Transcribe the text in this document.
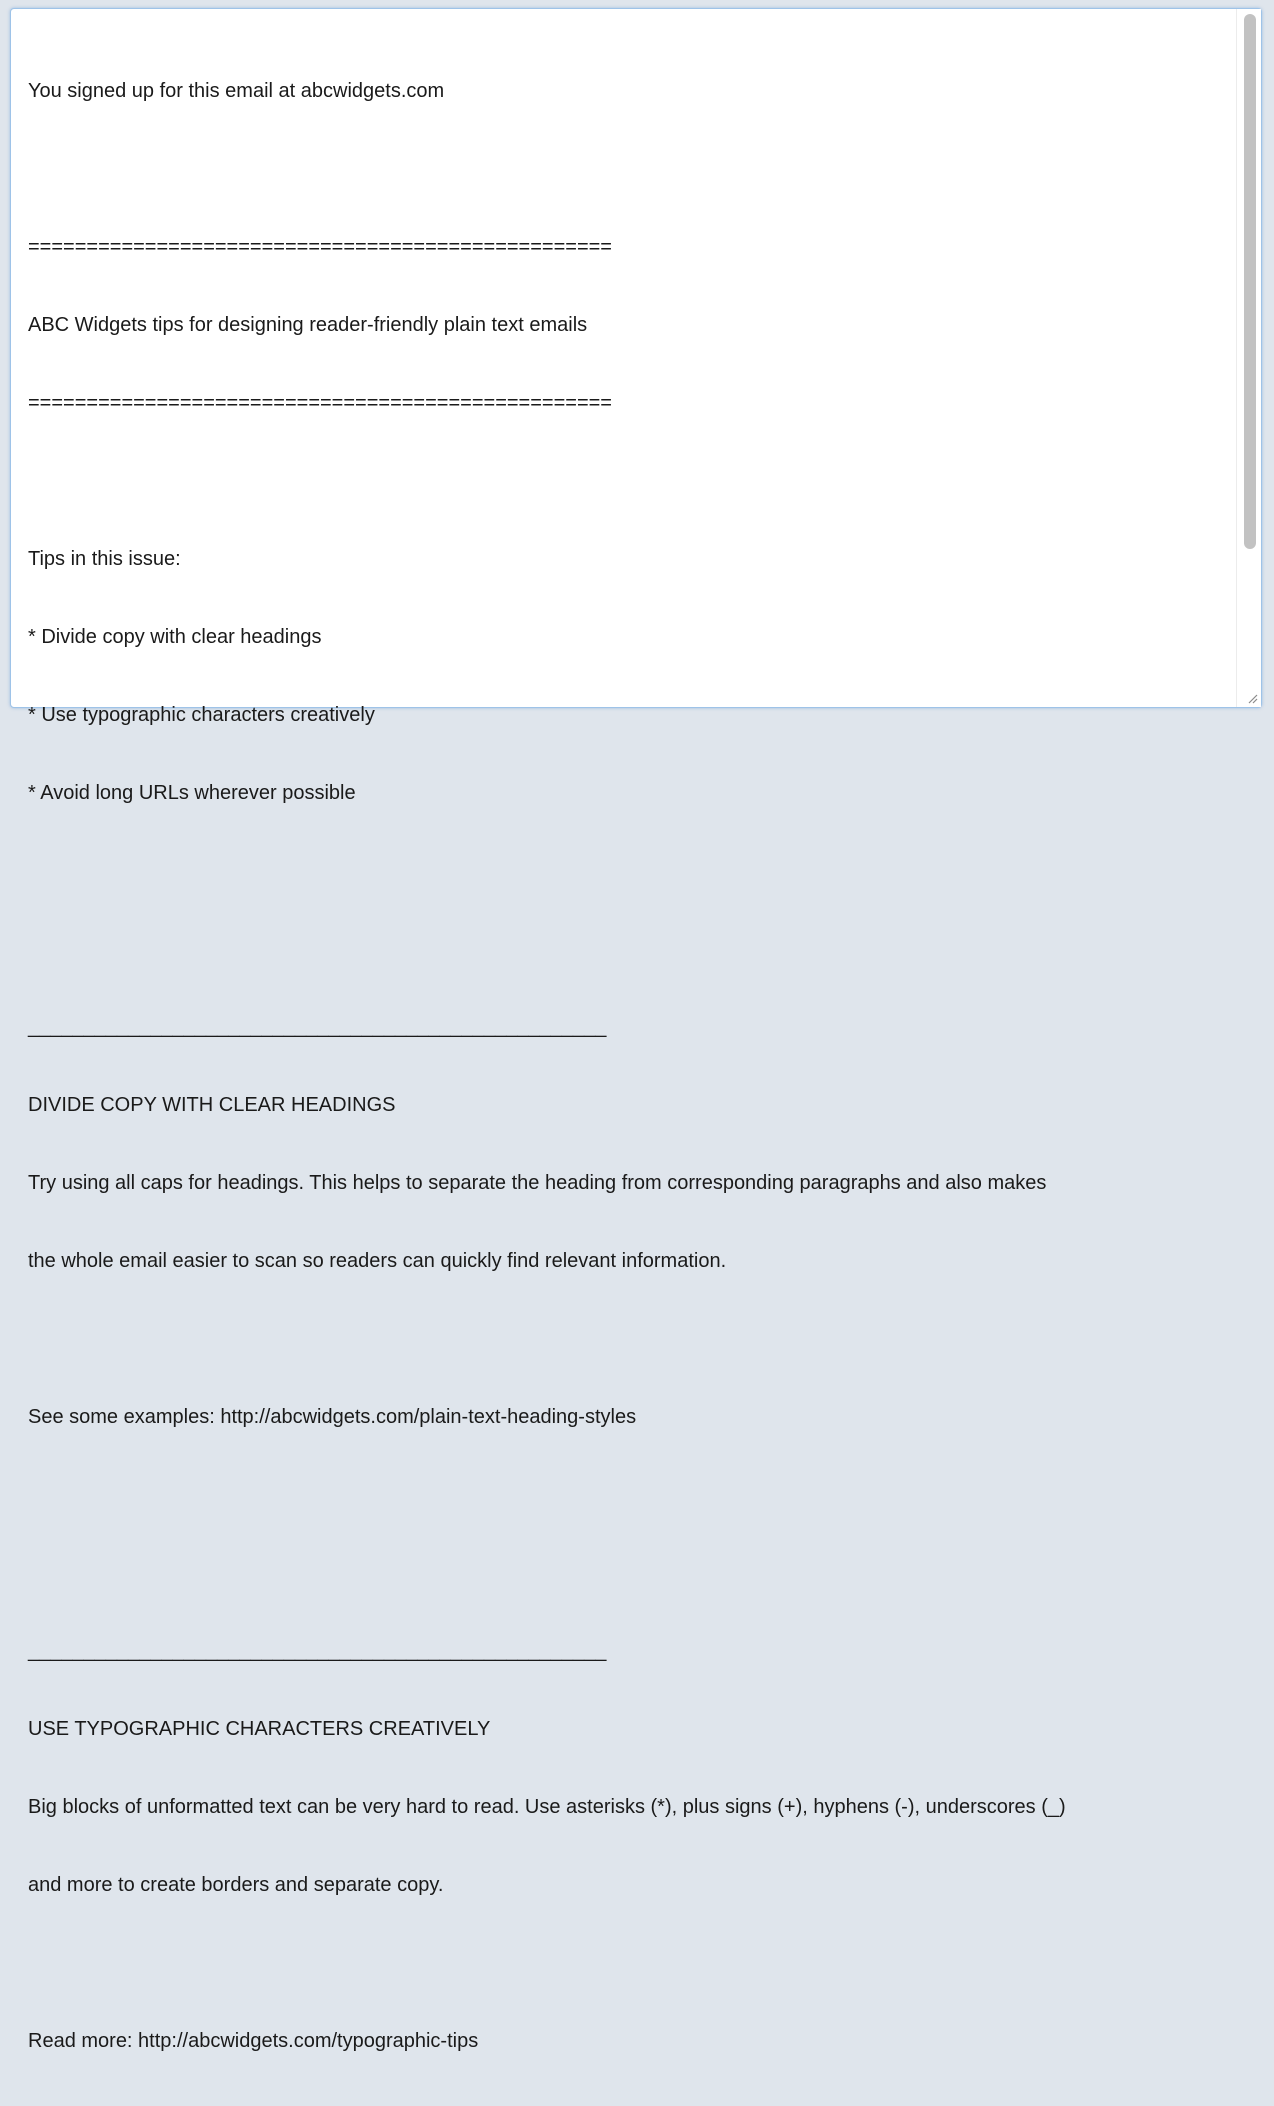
You signed up for this email at abcwidgets.com

==================================================

ABC Widgets tips for designing reader-friendly plain text emails

==================================================

Tips in this issue:

* Divide copy with clear headings

* Use typographic characters creatively

* Avoid long URLs wherever possible

____________________________________________________

DIVIDE COPY WITH CLEAR HEADINGS

Try using all caps for headings. This helps to separate the heading from corresponding paragraphs and also makes

the whole email easier to scan so readers can quickly find relevant information.

See some examples: http://abcwidgets.com/plain-text-heading-styles

____________________________________________________

USE TYPOGRAPHIC CHARACTERS CREATIVELY

Big blocks of unformatted text can be very hard to read. Use asterisks (*), plus signs (+), hyphens (-), underscores (_)

and more to create borders and separate copy.

Read more: http://abcwidgets.com/typographic-tips
